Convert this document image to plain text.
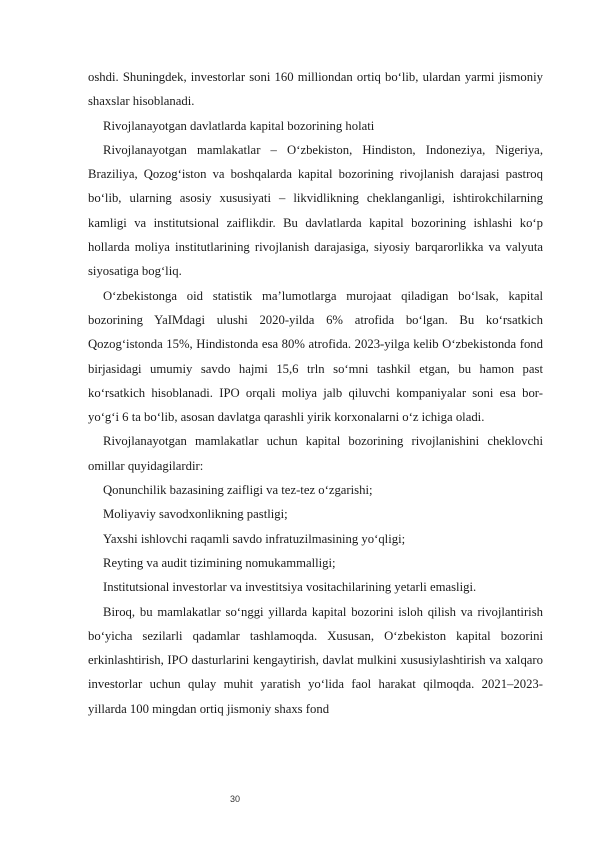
oshdi. Shuningdek, investorlar soni 160 milliondan ortiq bo‘lib, ulardan yarmi jismoniy shaxslar hisoblanadi.

Rivojlanayotgan davlatlarda kapital bozorining holati

Rivojlanayotgan mamlakatlar – O‘zbekiston, Hindiston, Indoneziya, Nigeriya, Braziliya, Qozog‘iston va boshqalarda kapital bozorining rivojlanish darajasi pastroq bo‘lib, ularning asosiy xususiyati – likvidlikning cheklanganligi, ishtirokchilarning kamligi va institutsional zaiflikdir. Bu davlatlarda kapital bozorining ishlashi ko‘p hollarda moliya institutlarining rivojlanish darajasiga, siyosiy barqarorlikka va valyuta siyosatiga bog‘liq.

O‘zbekistonga oid statistik ma’lumotlarga murojaat qiladigan bo‘lsak, kapital bozorining YaIMdagi ulushi 2020-yilda 6% atrofida bo‘lgan. Bu ko‘rsatkich Qozog‘istonda 15%, Hindistonda esa 80% atrofida. 2023-yilga kelib O‘zbekistonda fond birjasidagi umumiy savdo hajmi 15,6 trln so‘mni tashkil etgan, bu hamon past ko‘rsatkich hisoblanadi. IPO orqali moliya jalb qiluvchi kompaniyalar soni esa bor-yo‘g‘i 6 ta bo‘lib, asosan davlatga qarashli yirik korxonalarni o‘z ichiga oladi.

Rivojlanayotgan mamlakatlar uchun kapital bozorining rivojlanishini cheklovchi omillar quyidagilardir:

Qonunchilik bazasining zaifligi va tez-tez o‘zgarishi;

Moliyaviy savodxonlikning pastligi;

Yaxshi ishlovchi raqamli savdo infratuzilmasining yo‘qligi;

Reyting va audit tizimining nomukammalligi;

Institutsional investorlar va investitsiya vositachilarining yetarli emasligi.

Biroq, bu mamlakatlar so‘nggi yillarda kapital bozorini isloh qilish va rivojlantirish bo‘yicha sezilarli qadamlar tashlamoqda. Xususan, O‘zbekiston kapital bozorini erkinlashtirish, IPO dasturlarini kengaytirish, davlat mulkini xususiylashtirish va xalqaro investorlar uchun qulay muhit yaratish yo‘lida faol harakat qilmoqda. 2021–2023-yillarda 100 mingdan ortiq jismoniy shaxs fond

30
